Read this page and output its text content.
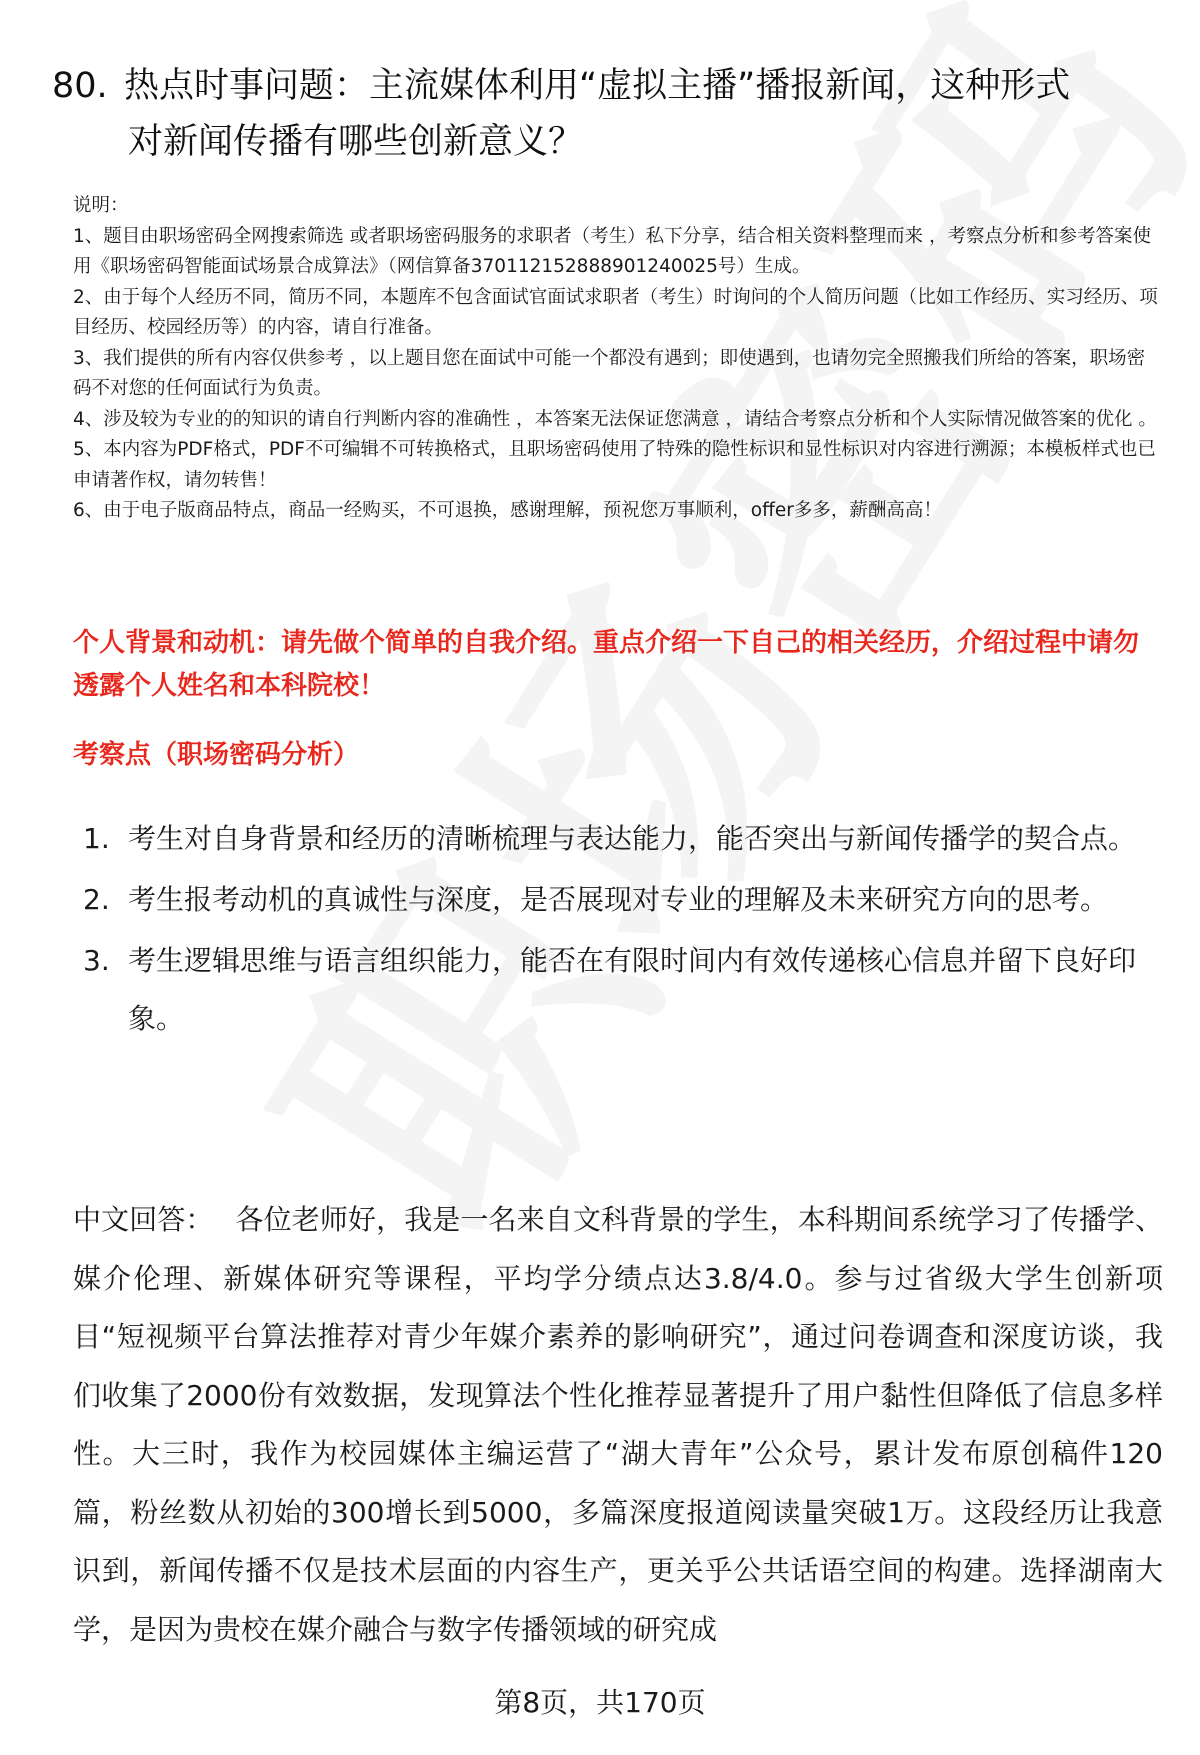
80. 热点时事问题：主流媒体利用“虚拟主播”播报新闻，这种形式
对新闻传播有哪些创新意义？

说明：

1、题目由职场密码全网搜索筛选 或者职场密码服务的求职者（考生）私下分享，结合相关资料整理而来 ，考察点分析和参考答案使用《职场密码智能面试场景合成算法》（网信算备370112152888901240025号）生成。

2、由于每个人经历不同，简历不同，本题库不包含面试官面试求职者（考生）时询问的个人简历问题（比如工作经历、实习经历、项目经历、校园经历等）的内容，请自行准备。

3、我们提供的所有内容仅供参考 ，以上题目您在面试中可能一个都没有遇到；即使遇到，也请勿完全照搬我们所给的答案，职场密码不对您的任何面试行为负责。

4、涉及较为专业的的知识的请自行判断内容的准确性 ，本答案无法保证您满意 ，请结合考察点分析和个人实际情况做答案的优化 。

5、本内容为PDF格式，PDF不可编辑不可转换格式，且职场密码使用了特殊的隐性标识和显性标识对内容进行溯源；本模板样式也已申请著作权，请勿转售！

6、由于电子版商品特点，商品一经购买，不可退换，感谢理解，预祝您万事顺利，offer多多，薪酬高高！

个人背景和动机：请先做个简单的自我介绍。重点介绍一下自己的相关经历，介绍过程中请勿透露个人姓名和本科院校！
考察点（职场密码分析）
1. 考生对自身背景和经历的清晰梳理与表达能力，能否突出与新闻传播学的契合点。
2. 考生报考动机的真诚性与深度，是否展现对专业的理解及未来研究方向的思考。
3. 考生逻辑思维与语言组织能力，能否在有限时间内有效传递核心信息并留下良好印象。
中文回答： 各位老师好，我是一名来自文科背景的学生，本科期间系统学习了传播学、媒介伦理、新媒体研究等课程，平均学分绩点达3.8/4.0。参与过省级大学生创新项目“短视频平台算法推荐对青少年媒介素养的影响研究”，通过问卷调查和深度访谈，我们收集了2000份有效数据，发现算法个性化推荐显著提升了用户黏性但降低了信息多样性。大三时，我作为校园媒体主编运营了“湖大青年”公众号，累计发布原创稿件120篇，粉丝数从初始的300增长到5000，多篇深度报道阅读量突破1万。这段经历让我意识到，新闻传播不仅是技术层面的内容生产，更关乎公共话语空间的构建。选择湖南大学，是因为贵校在媒介融合与数字传播领域的研究成
第8页，共170页
